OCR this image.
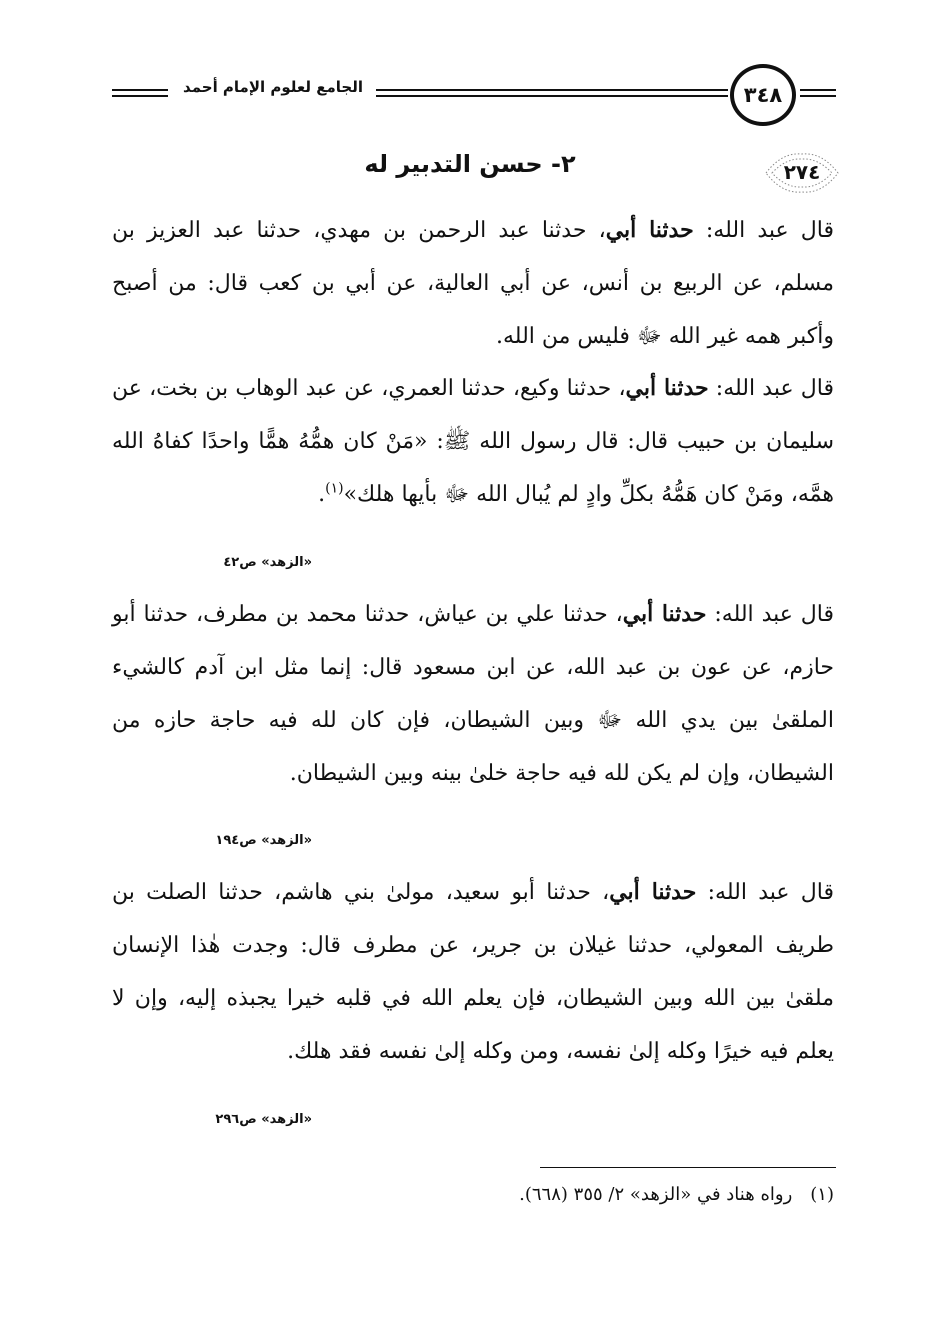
الجامع لعلوم الإمام أحمد	٣٤٨
٢٧٤
٢- حسن التدبير له

قال عبد الله: حدثنا أبي، حدثنا عبد الرحمن بن مهدي، حدثنا عبد العزيز بن مسلم، عن الربيع بن أنس، عن أبي العالية، عن أبي بن كعب قال: من أصبح وأكبر همه غير الله ﷻ فليس من الله.

قال عبد الله: حدثنا أبي، حدثنا وكيع، حدثنا العمري، عن عبد الوهاب بن بخت، عن سليمان بن حبيب قال: قال رسول الله ﷺ: «مَنْ كان همُّهُ همًّا واحدًا كفاهُ الله همَّه، ومَنْ كان هَمُّهُ بكلِّ وادٍ لم يُبال الله ﷻ بأيها هلك»$^{(١)}$.

«الزهد» ص٤٢

قال عبد الله: حدثنا أبي، حدثنا علي بن عياش، حدثنا محمد بن مطرف، حدثنا أبو حازم، عن عون بن عبد الله، عن ابن مسعود قال: إنما مثل ابن آدم كالشيء الملقىٰ بين يدي الله ﷻ وبين الشيطان، فإن كان لله فيه حاجة حازه من الشيطان، وإن لم يكن لله فيه حاجة خلىٰ بينه وبين الشيطان.

«الزهد» ص١٩٤

قال عبد الله: حدثنا أبي، حدثنا أبو سعيد، مولىٰ بني هاشم، حدثنا الصلت بن طريف المعولي، حدثنا غيلان بن جرير، عن مطرف قال: وجدت هٰذا الإنسان ملقىٰ بين الله وبين الشيطان، فإن يعلم الله في قلبه خيرا يجبذه إليه، وإن لا يعلم فيه خيرًا وكله إلىٰ نفسه، ومن وكله إلىٰ نفسه فقد هلك.

«الزهد» ص٢٩٦
(١)رواه هناد في «الزهد» ٢/ ٣٥٥ (٦٦٨).
